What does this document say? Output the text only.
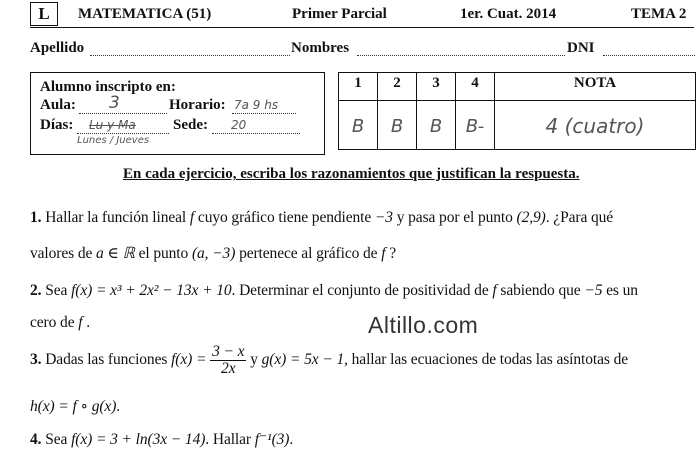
L	MATEMATICA (51)	Primer Parcial	1er. Cuat. 2014	TEMA 2
Apellido	Nombres	DNI
Alumno inscripto en:
Aula: 3	Horario: 7a 9 hs
Días: Lu y Ma
Lunes / Jueves
Sede: 20
1	2	3	4	NOTA
B	B	B	B-	4 (cuatro)
En cada ejercicio, escriba los razonamientos que justifican la respuesta.
1. Hallar la función lineal f cuyo gráfico tiene pendiente −3 y pasa por el punto (2,9). ¿Para qué
valores de a ∈ ℝ el punto (a, −3) pertenece al gráfico de f ?
2. Sea f(x) = x³ + 2x² − 13x + 10. Determinar el conjunto de positividad de f sabiendo que −5 es un
cero de f .	Altillo.com
3. Dadas las funciones $f(x) = \frac{3 - x}{2x}$ y g(x) = 5x − 1, hallar las ecuaciones de todas las asíntotas de
h(x) = f ∘ g(x).
4. Sea f(x) = 3 + ln(3x − 14). Hallar f⁻¹(3).
